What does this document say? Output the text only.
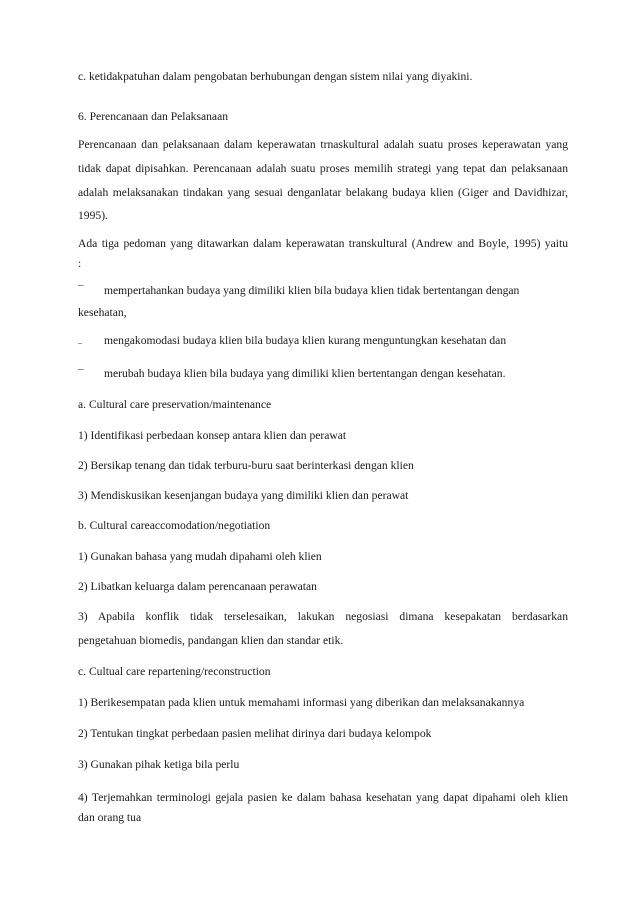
c. ketidakpatuhan dalam pengobatan berhubungan dengan sistem nilai yang diyakini.
6. Perencanaan dan Pelaksanaan
Perencanaan dan pelaksanaan dalam keperawatan trnaskultural adalah suatu proses keperawatan yang
tidak dapat dipisahkan. Perencanaan adalah suatu proses memilih strategi yang tepat dan pelaksanaan
adalah melaksanakan tindakan yang sesuai denganlatar belakang budaya klien (Giger and Davidhizar,
1995).
Ada tiga pedoman yang ditawarkan dalam keperawatan transkultural (Andrew and Boyle, 1995) yaitu
:
– mempertahankan budaya yang dimiliki klien bila budaya klien tidak bertentangan dengan
kesehatan,
– mengakomodasi budaya klien bila budaya klien kurang menguntungkan kesehatan dan
– merubah budaya klien bila budaya yang dimiliki klien bertentangan dengan kesehatan.
a. Cultural care preservation/maintenance
1) Identifikasi perbedaan konsep antara klien dan perawat
2) Bersikap tenang dan tidak terburu-buru saat berinterkasi dengan klien
3) Mendiskusikan kesenjangan budaya yang dimiliki klien dan perawat
b. Cultural careaccomodation/negotiation
1) Gunakan bahasa yang mudah dipahami oleh klien
2) Libatkan keluarga dalam perencanaan perawatan
3) Apabila konflik tidak terselesaikan, lakukan negosiasi dimana kesepakatan berdasarkan
pengetahuan biomedis, pandangan klien dan standar etik.
c. Cultual care repartening/reconstruction
1) Berikesempatan pada klien untuk memahami informasi yang diberikan dan melaksanakannya
2) Tentukan tingkat perbedaan pasien melihat dirinya dari budaya kelompok
3) Gunakan pihak ketiga bila perlu
4) Terjemahkan terminologi gejala pasien ke dalam bahasa kesehatan yang dapat dipahami oleh klien
dan orang tua
